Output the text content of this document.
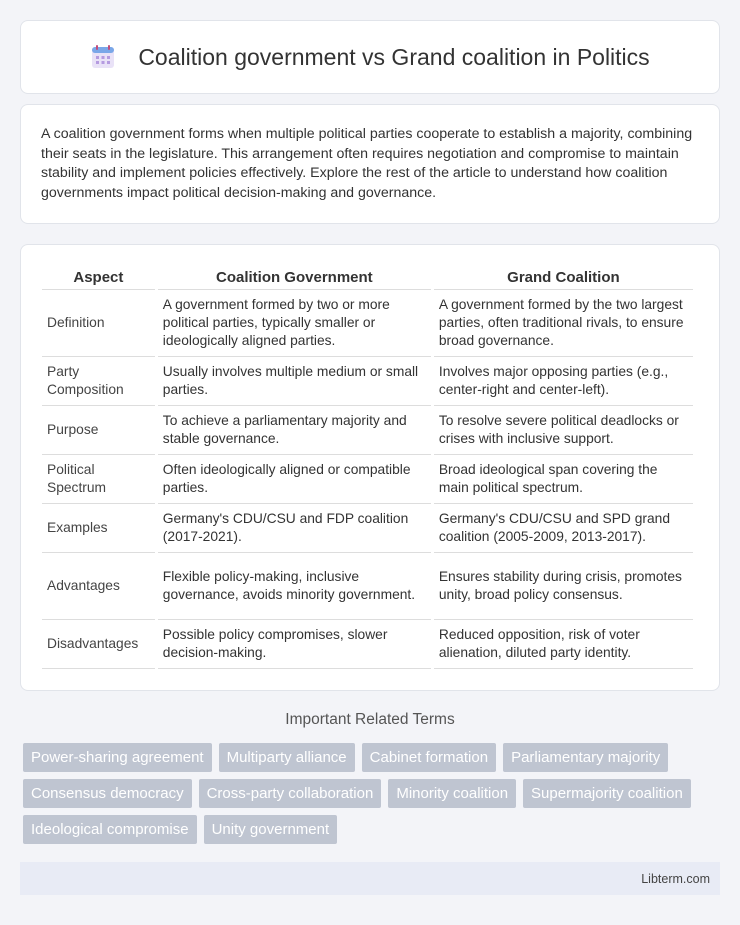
Coalition government vs Grand coalition in Politics

A coalition government forms when multiple political parties cooperate to establish a majority, combining their seats in the legislature. This arrangement often requires negotiation and compromise to maintain stability and implement policies effectively. Explore the rest of the article to understand how coalition governments impact political decision-making and governance.

Aspect	Coalition Government	Grand Coalition
Definition	A government formed by two or more political parties, typically smaller or ideologically aligned parties.	A government formed by the two largest parties, often traditional rivals, to ensure broad governance.
Party Composition	Usually involves multiple medium or small parties.	Involves major opposing parties (e.g., center-right and center-left).
Purpose	To achieve a parliamentary majority and stable governance.	To resolve severe political deadlocks or crises with inclusive support.
Political Spectrum	Often ideologically aligned or compatible parties.	Broad ideological span covering the main political spectrum.
Examples	Germany's CDU/CSU and FDP coalition (2017-2021).	Germany's CDU/CSU and SPD grand coalition (2005-2009, 2013-2017).
Advantages	Flexible policy-making, inclusive governance, avoids minority government.	Ensures stability during crisis, promotes unity, broad policy consensus.
Disadvantages	Possible policy compromises, slower decision-making.	Reduced opposition, risk of voter alienation, diluted party identity.
Important Related Terms
Power-sharing agreement	Multiparty alliance	Cabinet formation	Parliamentary majority
Consensus democracy	Cross-party collaboration	Minority coalition	Supermajority coalition
Ideological compromise	Unity government
Libterm.com
